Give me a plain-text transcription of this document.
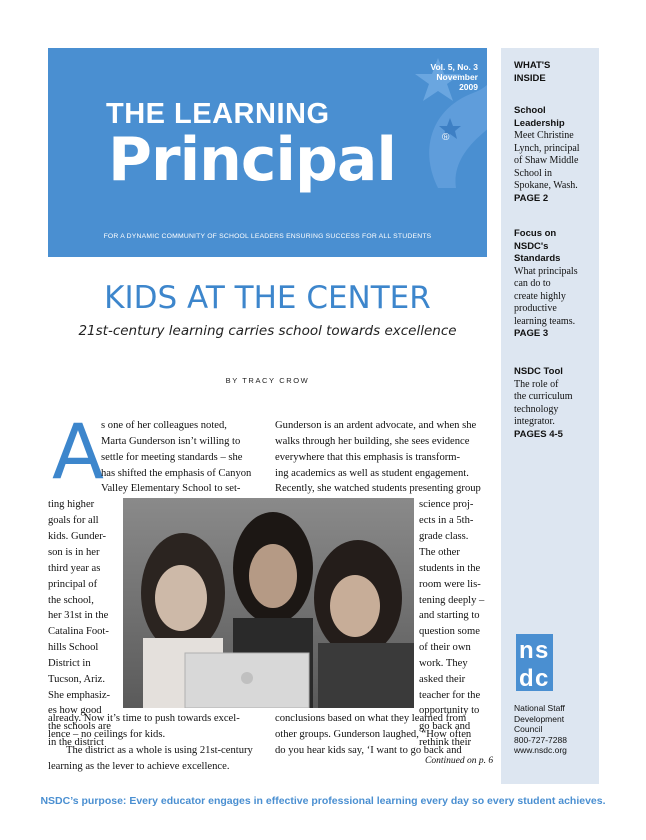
Vol. 5, No. 3
November 2009
THE LEARNING
Principal	®
FOR A DYNAMIC COMMUNITY OF SCHOOL LEADERS ENSURING SUCCESS FOR ALL STUDENTS
WHAT'S
INSIDE
School
Leadership
Meet Christine
Lynch, principal
of Shaw Middle
School in
Spokane, Wash.
PAGE 2
Focus on
NSDC's
Standards
What principals
can do to
create highly
productive
learning teams.
PAGE 3
NSDC Tool
The role of
the curriculum
technology
integrator.
PAGES 4-5
n s
d c
National Staff
Development
Council
800-727-7288
www.nsdc.org
KIDS AT THE CENTER
21st-century learning carries school towards excellence
BY TRACY CROW
A
s one of her colleagues noted,
Marta Gunderson isn’t willing to
settle for meeting standards – she
has shifted the emphasis of Canyon
Valley Elementary School to set-
ting higher
goals for all
kids. Gunder-
son is in her
third year as
principal of
the school,
her 31st in the
Catalina Foot-
hills School
District in
Tucson, Ariz.
She emphasiz-
es how good
the schools are
in the district
already. Now it’s time to push towards excel-
lence – no ceilings for kids.
The district as a whole is using 21st-century
learning as the lever to achieve excellence.
Gunderson is an ardent advocate, and when she
walks through her building, she sees evidence
everywhere that this emphasis is transform-
ing academics as well as student engagement.
Recently, she watched students presenting group
science proj-
ects in a 5th-
grade class.
The other
students in the
room were lis-
tening deeply –
and starting to
question some
of their own
work. They
asked their
teacher for the
opportunity to
go back and
rethink their
conclusions based on what they learned from
other groups. Gunderson laughed, “How often
do you hear kids say, ‘I want to go back and
Continued on p. 6
NSDC’s purpose: Every educator engages in effective professional learning every day so every student achieves.
